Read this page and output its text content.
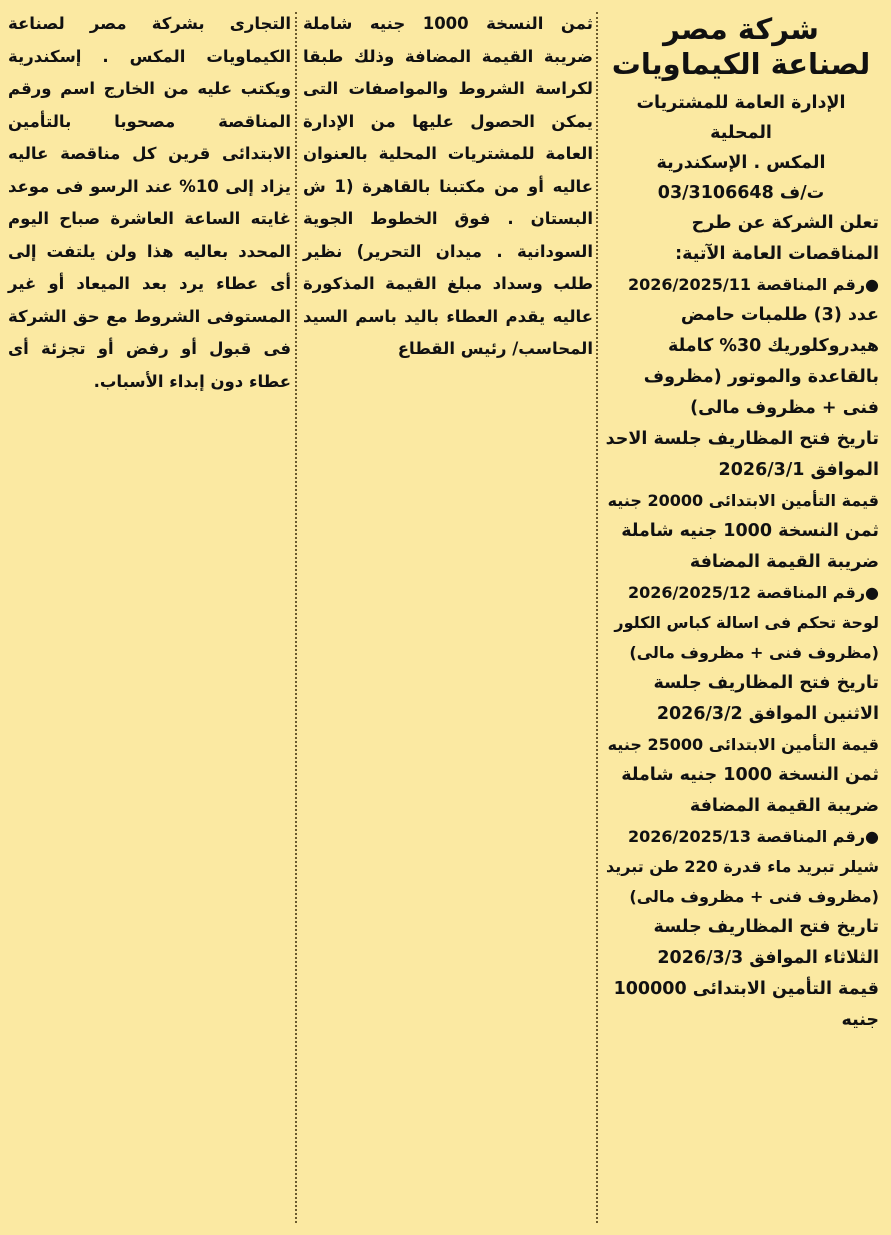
شركة مصر
لصناعة الكيماويات
الإدارة العامة للمشتريات المحلية
المكس . الإسكندرية
ت/ف 03/3106648
تعلن الشركة عن طرح المناقصات العامة الآتية:
● رقم المناقصة 2026/2025/11
عدد (3) طلمبات حامض هيدروكلوريك 30% كاملة بالقاعدة والموتور (مظروف فنى + مظروف مالى)
تاريخ فتح المظاريف جلسة الاحد الموافق 2026/3/1
قيمة التأمين الابتدائى 20000 جنيه
ثمن النسخة 1000 جنيه شاملة ضريبة القيمة المضافة
● رقم المناقصة 2026/2025/12
لوحة تحكم فى اسالة كباس الكلور (مظروف فنى + مظروف مالى)
تاريخ فتح المظاريف جلسة الاثنين الموافق 2026/3/2
قيمة التأمين الابتدائى 25000 جنيه
ثمن النسخة 1000 جنيه شاملة ضريبة القيمة المضافة
● رقم المناقصة 2026/2025/13
شيلر تبريد ماء قدرة 220 طن تبريد (مظروف فنى + مظروف مالى)
تاريخ فتح المظاريف جلسة الثلاثاء الموافق 2026/3/3
قيمة التأمين الابتدائى 100000 جنيه
ثمن النسخة 1000 جنيه شاملة ضريبة القيمة المضافة وذلك طبقا لكراسة الشروط والمواصفات التى يمكن الحصول عليها من الإدارة العامة للمشتريات المحلية بالعنوان عاليه أو من مكتبنا بالقاهرة (1 ش البستان . فوق الخطوط الجوية السودانية . ميدان التحرير) نظير طلب وسداد مبلغ القيمة المذكورة عاليه يقدم العطاء باليد باسم السيد المحاسب/ رئيس القطاع
التجارى بشركة مصر لصناعة الكيماويات المكس . إسكندرية ويكتب عليه من الخارج اسم ورقم المناقصة مصحوبا بالتأمين الابتدائى قرين كل مناقصة عاليه يزاد إلى 10% عند الرسو فى موعد غايته الساعة العاشرة صباح اليوم المحدد بعاليه هذا ولن يلتفت إلى أى عطاء يرد بعد الميعاد أو غير المستوفى الشروط مع حق الشركة فى قبول أو رفض أو تجزئة أى عطاء دون إبداء الأسباب.
